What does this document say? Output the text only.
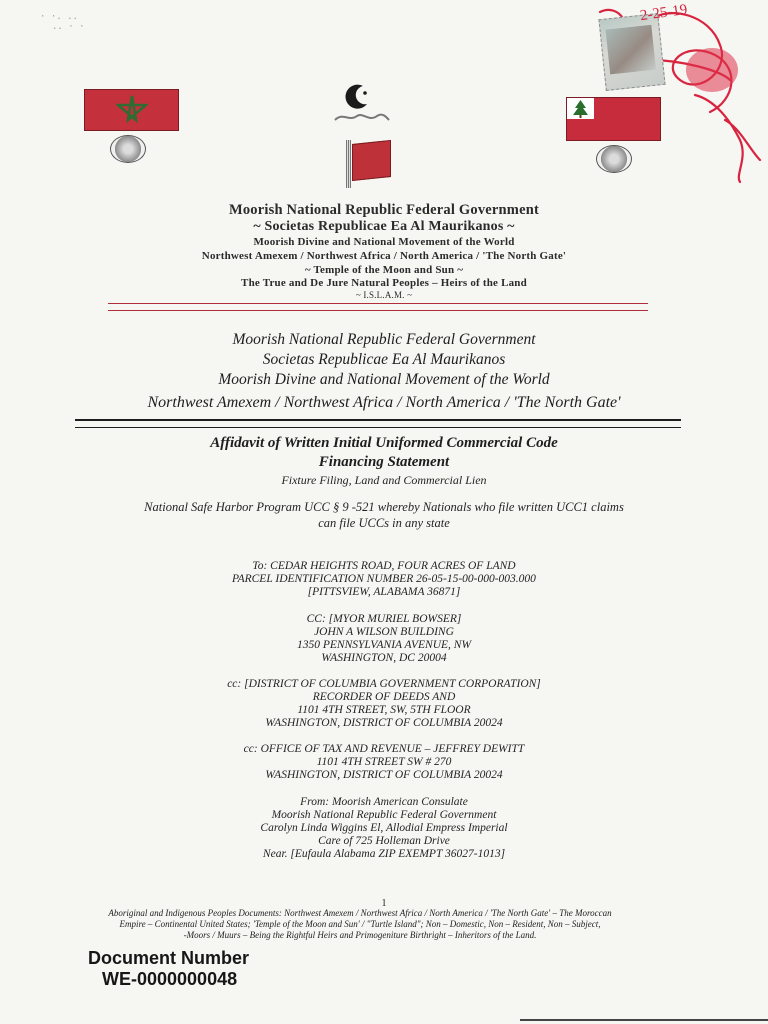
· ·. ..
.. · ·
2-25-19
Moorish National Republic Federal Government
~ Societas Republicae Ea Al Maurikanos ~
Moorish Divine and National Movement of the World
Northwest Amexem / Northwest Africa / North America / 'The North Gate'
~ Temple of the Moon and Sun ~
The True and De Jure Natural Peoples – Heirs of the Land
~ I.S.L.A.M. ~
Moorish National Republic Federal Government
Societas Republicae Ea Al Maurikanos
Moorish Divine and National Movement of the World
Northwest Amexem / Northwest Africa / North America / 'The North Gate'
Affidavit of Written Initial Uniformed Commercial Code
Financing Statement
Fixture Filing, Land and Commercial Lien
National Safe Harbor Program UCC § 9 -521 whereby Nationals who file written UCC1 claims
can file UCCs in any state
To: CEDAR HEIGHTS ROAD, FOUR ACRES OF LAND
PARCEL IDENTIFICATION NUMBER 26-05-15-00-000-003.000
[PITTSVIEW, ALABAMA 36871]
CC: [MYOR MURIEL BOWSER]
JOHN A WILSON BUILDING
1350 PENNSYLVANIA AVENUE, NW
WASHINGTON, DC 20004
cc: [DISTRICT OF COLUMBIA GOVERNMENT CORPORATION]
RECORDER OF DEEDS AND
1101 4TH STREET, SW, 5TH FLOOR
WASHINGTON, DISTRICT OF COLUMBIA 20024
cc: OFFICE OF TAX AND REVENUE – JEFFREY DEWITT
1101 4TH STREET SW # 270
WASHINGTON, DISTRICT OF COLUMBIA 20024
From: Moorish American Consulate
Moorish National Republic Federal Government
Carolyn Linda Wiggins El, Allodial Empress Imperial
Care of 725 Holleman Drive
Near. [Eufaula Alabama ZIP EXEMPT 36027-1013]
1
Aboriginal and Indigenous Peoples Documents: Northwest Amexem / Northwest Africa / North America / 'The North Gate' – The Moroccan
Empire – Continental United States; 'Temple of the Moon and Sun' / "Turtle Island"; Non – Domestic, Non – Resident, Non – Subject,
-Moors / Muurs – Being the Rightful Heirs and Primogeniture Birthright – Inheritors of the Land.
Document Number
WE-0000000048
